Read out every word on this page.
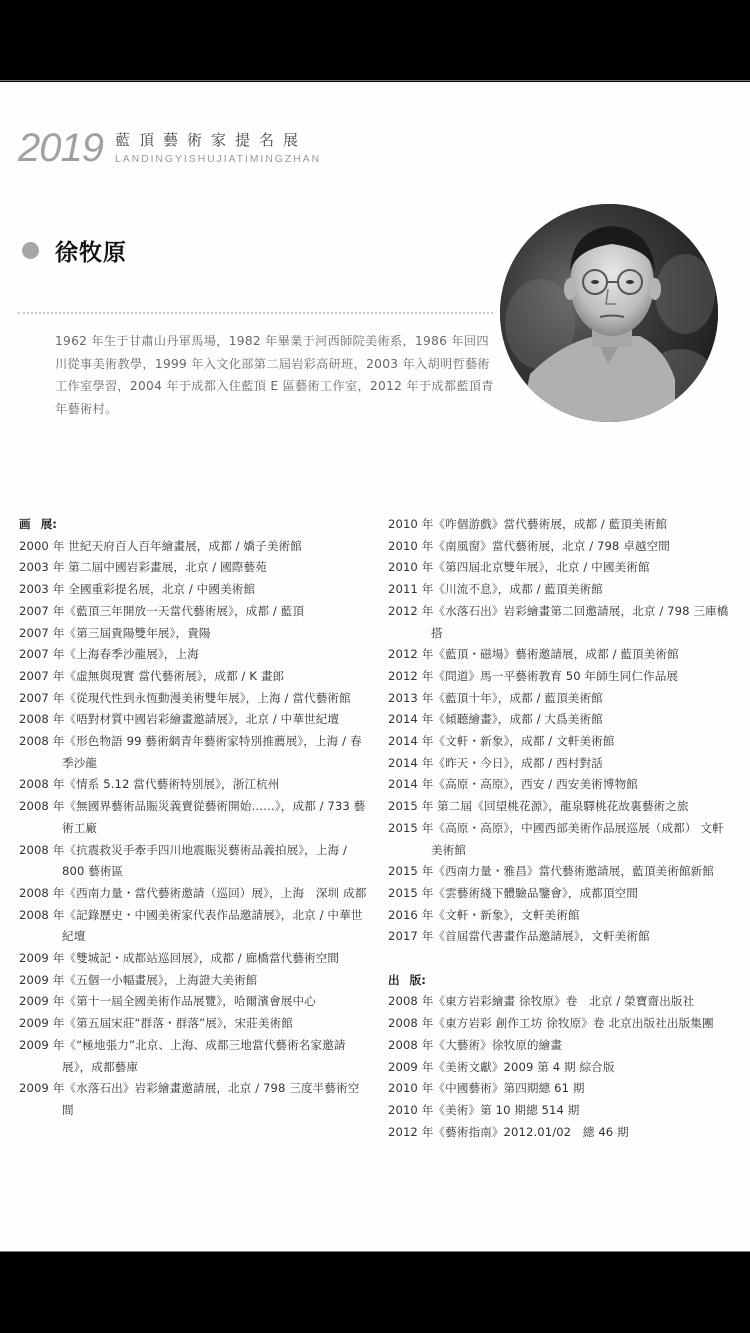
2019 藍頂藝術家提名展
LANDINGYISHUJIATIMINGZHAN
徐牧原
1962 年生于甘肅山丹軍馬場，1982 年畢業于河西師院美術系，1986 年回四川從事美術教學，1999 年入文化部第二屆岩彩高研班，2003 年入胡明哲藝術工作室學習，2004 年于成都入住藍頂 E 區藝術工作室，2012 年于成都藍頂青年藝術村。
画 展:
2000 年 世紀天府百人百年繪畫展，成都 / 嬌子美術館
2003 年 第二屆中國岩彩畫展，北京 / 國際藝苑
2003 年 全國重彩提名展，北京 / 中國美術館
2007 年《藍頂三年開放一天當代藝術展》，成都 / 藍頂
2007 年《第三屆貴陽雙年展》，貴陽
2007 年《上海春季沙龍展》，上海
2007 年《虛無與現實 當代藝術展》，成都 / K 畫郎
2007 年《從現代性到永恆動漫美術雙年展》，上海 / 當代藝術館
2008 年《唔對材質中國岩彩繪畫邀請展》，北京 / 中華世紀壇
2008 年《形色物語 99 藝術網青年藝術家特別推薦展》，上海 / 春季沙龍
2008 年《情系 5.12 當代藝術特別展》，浙江杭州
2008 年《無國界藝術品賑災義賣從藝術開始……》，成都 / 733 藝術工廠
2008 年《抗震救災手牽手四川地震賑災藝術品義拍展》，上海 / 800 藝術區
2008 年《西南力量・當代藝術邀請（巡回）展》，上海　深圳 成都
2008 年《記錄歷史・中國美術家代表作品邀請展》，北京 / 中華世紀壇
2009 年《雙城記・成都站巡回展》，成都 / 廊橋當代藝術空間
2009 年《五個一小幅畫展》，上海證大美術館
2009 年《第十一屆全國美術作品展覽》，哈爾濱會展中心
2009 年《第五屆宋莊“群落・群落”展》，宋莊美術館
2009 年《“極地張力”北京、上海、成都三地當代藝術名家邀請展》，成都藝庫
2009 年《水落石出》岩彩繪畫邀請展，北京 / 798 三度半藝術空間
2010 年《咋個游戲》當代藝術展，成都 / 藍頂美術館
2010 年《南風窗》當代藝術展，北京 / 798 卓越空間
2010 年《第四屆北京雙年展》，北京 / 中國美術館
2011 年《川流不息》，成都 / 藍頂美術館
2012 年《水落石出》岩彩繪畫第二回邀請展，北京 / 798 三庫橋搭
2012 年《藍頂・磁場》藝術邀請展，成都 / 藍頂美術館
2012 年《問道》馬一平藝術教育 50 年師生同仁作品展
2013 年《藍頂十年》，成都 / 藍頂美術館
2014 年《傾聽繪畫》，成都 / 大爲美術館
2014 年《文軒・新象》，成都 / 文軒美術館
2014 年《昨天・今日》，成都 / 西村對話
2014 年《高原・高原》，西安 / 西安美術博物館
2015 年 第二屆《回望桃花源》，龍泉驛桃花故裏藝術之旅
2015 年《高原・高原》，中國西部美術作品展巡展（成都） 文軒美術館
2015 年《西南力量・雅昌》當代藝術邀請展，藍頂美術館新館
2015 年《雲藝術綫下體驗品鑒會》，成都頂空間
2016 年《文軒・新象》，文軒美術館
2017 年《首屆當代書畫作品邀請展》，文軒美術館
出 版:
2008 年《東方岩彩繪畫 徐牧原》卷　北京 / 榮寶齋出版社
2008 年《東方岩彩 創作工坊 徐牧原》卷 北京出版社出版集團
2008 年《大藝術》徐牧原的繪畫
2009 年《美術文獻》2009 第 4 期 綜合版
2010 年《中國藝術》第四期總 61 期
2010 年《美術》第 10 期總 514 期
2012 年《藝術指南》2012.01/02　總 46 期
